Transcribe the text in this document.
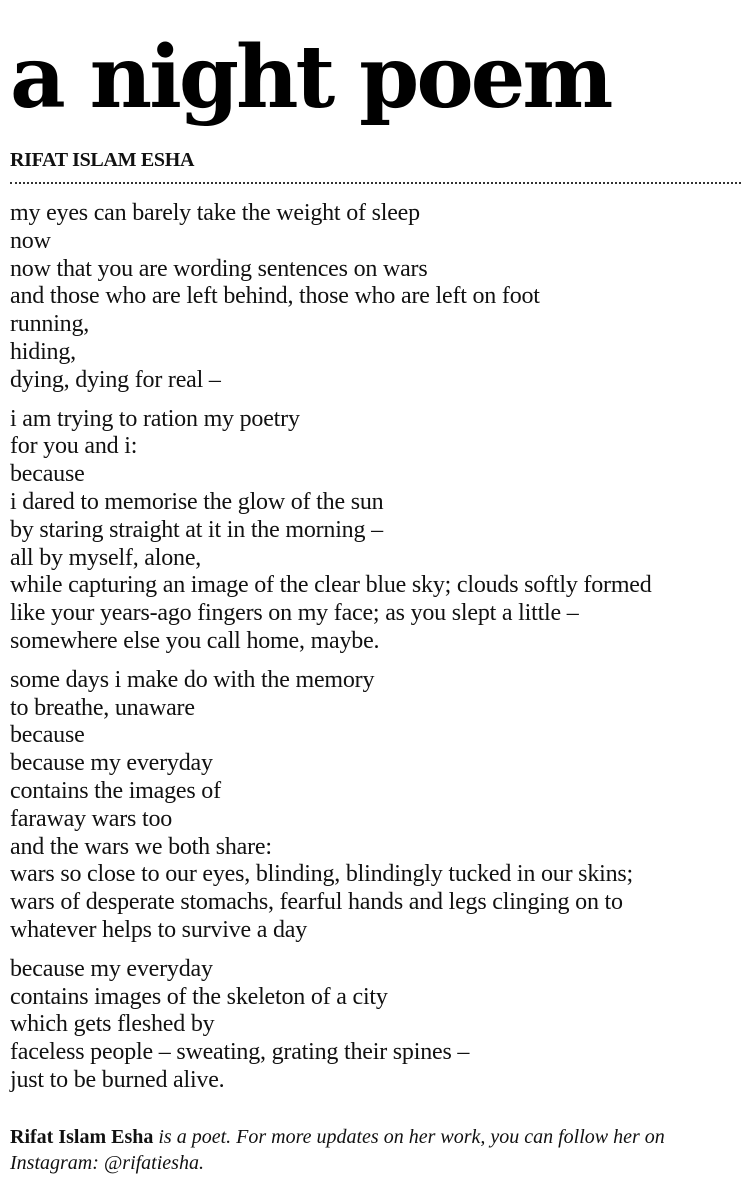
a night poem
RIFAT ISLAM ESHA
my eyes can barely take the weight of sleep
now
now that you are wording sentences on wars
and those who are left behind, those who are left on foot
running,
hiding,
dying, dying for real –
i am trying to ration my poetry
for you and i:
because
i dared to memorise the glow of the sun
by staring straight at it in the morning –
all by myself, alone,
while capturing an image of the clear blue sky; clouds softly formed
like your years-ago fingers on my face; as you slept a little –
somewhere else you call home, maybe.
some days i make do with the memory
to breathe, unaware
because
because my everyday
contains the images of
faraway wars too
and the wars we both share:
wars so close to our eyes, blinding, blindingly tucked in our skins;
wars of desperate stomachs, fearful hands and legs clinging on to
whatever helps to survive a day
because my everyday
contains images of the skeleton of a city
which gets fleshed by
faceless people – sweating, grating their spines –
just to be burned alive.
Rifat Islam Esha is a poet. For more updates on her work, you can follow her on Instagram: @rifatiesha.
